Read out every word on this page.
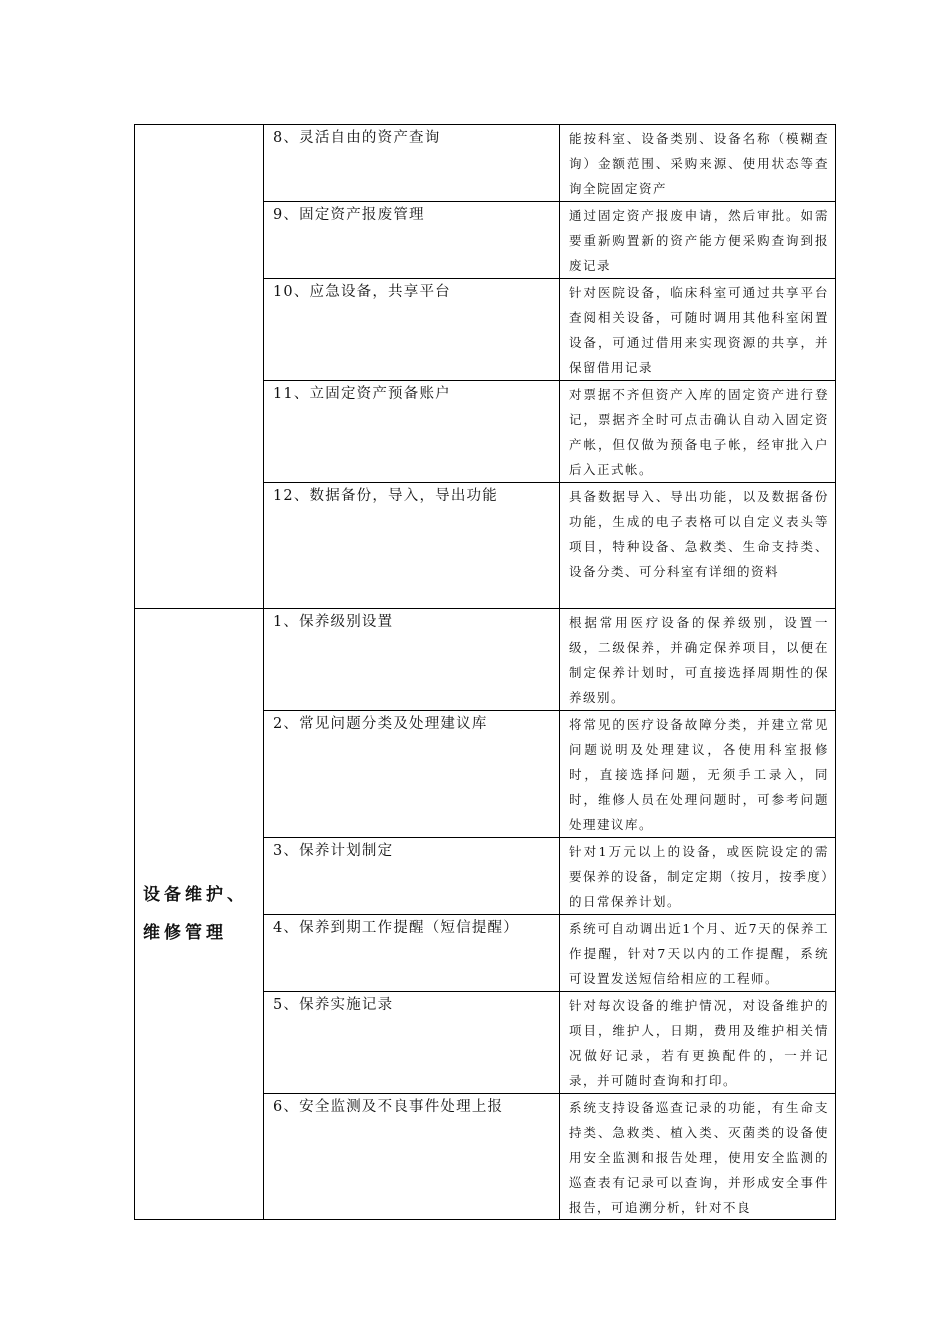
	8、灵活自由的资产查询	能按科室、设备类别、设备名称（模糊查询）金额范围、采购来源、使用状态等查询全院固定资产

	9、固定资产报废管理	通过固定资产报废申请，然后审批。如需要重新购置新的资产能方便采购查询到报废记录

	10、应急设备，共享平台	针对医院设备，临床科室可通过共享平台查阅相关设备，可随时调用其他科室闲置设备，可通过借用来实现资源的共享，并保留借用记录

	11、立固定资产预备账户	对票据不齐但资产入库的固定资产进行登记，票据齐全时可点击确认自动入固定资产帐，但仅做为预备电子帐，经审批入户后入正式帐。

	12、数据备份，导入，导出功能	具备数据导入、导出功能，以及数据备份功能，生成的电子表格可以自定义表头等项目，特种设备、急救类、生命支持类、设备分类、可分科室有详细的资料

设备维护、维修管理	1、保养级别设置	根据常用医疗设备的保养级别，设置一级，二级保养，并确定保养项目，以便在制定保养计划时，可直接选择周期性的保养级别。

	2、常见问题分类及处理建议库	将常见的医疗设备故障分类，并建立常见问题说明及处理建议，各使用科室报修时，直接选择问题，无须手工录入，同时，维修人员在处理问题时，可参考问题处理建议库。

	3、保养计划制定	针对1万元以上的设备，或医院设定的需要保养的设备，制定定期（按月，按季度）的日常保养计划。

	4、保养到期工作提醒（短信提醒）	系统可自动调出近1个月、近7天的保养工作提醒，针对7天以内的工作提醒，系统可设置发送短信给相应的工程师。

	5、保养实施记录	针对每次设备的维护情况，对设备维护的项目，维护人，日期，费用及维护相关情况做好记录，若有更换配件的，一并记录，并可随时查询和打印。

	6、安全监测及不良事件处理上报	系统支持设备巡查记录的功能，有生命支持类、急救类、植入类、灭菌类的设备使用安全监测和报告处理，使用安全监测的巡查表有记录可以查询，并形成安全事件报告，可追溯分析，针对不良
